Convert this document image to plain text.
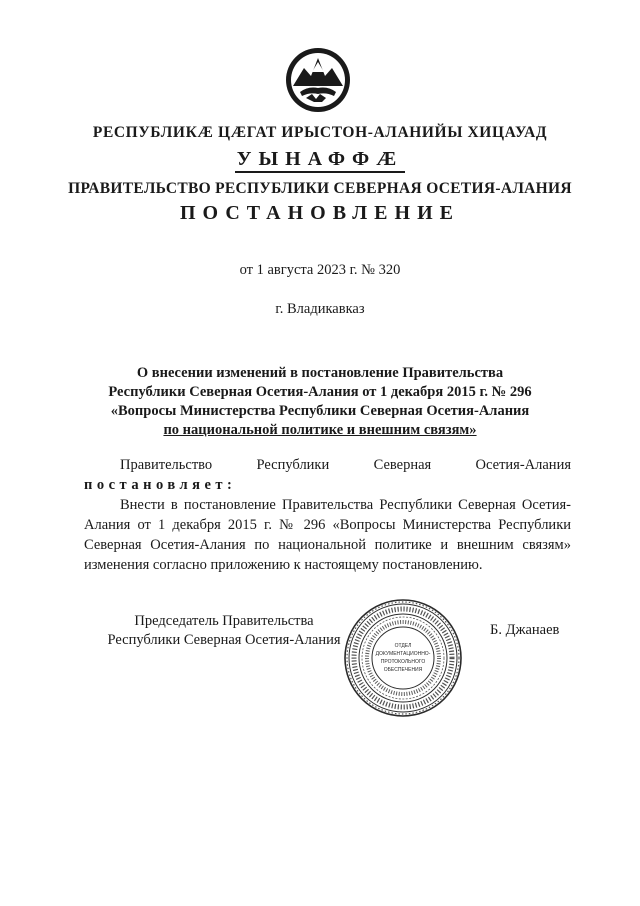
РЕСПУБЛИКӔ ЦӔГАТ ИРЫСТОН-АЛАНИЙЫ ХИЦАУАД
УЫНАФФӔ
ПРАВИТЕЛЬСТВО РЕСПУБЛИКИ СЕВЕРНАЯ ОСЕТИЯ-АЛАНИЯ
ПОСТАНОВЛЕНИЕ
от 1 августа 2023 г. № 320
г. Владикавказ
О внесении изменений в постановление Правительства
Республики Северная Осетия-Алания от 1 декабря 2015 г. № 296
«Вопросы Министерства Республики Северная Осетия-Алания
по национальной политике и внешним связям»
Правительство	Республики	Северная	Осетия-Алания
постановляет:

Внести в постановление Правительства Республики Северная Осетия-Алания от 1 декабря 2015 г. № 296 «Вопросы Министерства Республики Северная Осетия-Алания по национальной политике и внешним связям» изменения согласно приложению к настоящему постановлению.

Председатель Правительства
Республики Северная Осетия-Алания	ОТДЕЛ
ДОКУМЕНТАЦИОННО-
ПРОТОКОЛЬНОГО
ОБЕСПЕЧЕНИЯ
Б. Джанаев
